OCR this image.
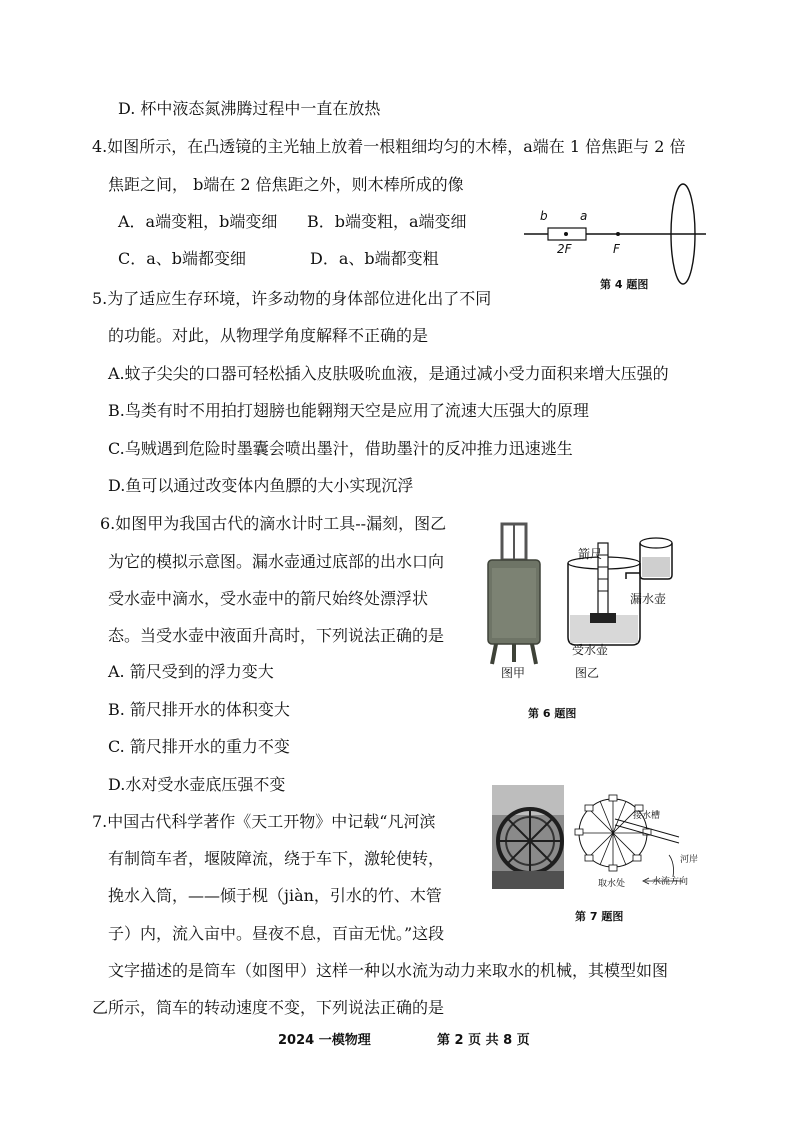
D. 杯中液态氮沸腾过程中一直在放热
4.如图所示，在凸透镜的主光轴上放着一根粗细均匀的木棒，a端在 1 倍焦距与 2 倍
焦距之间， b端在 2 倍焦距之外，则木棒所成的像
A．a端变粗，b端变细 B．b端变粗，a端变细
C．a、b端都变细	D．a、b端都变粗
b	a
2F	F
第 4 题图
5.为了适应生存环境，许多动物的身体部位进化出了不同
的功能。对此，从物理学角度解释不正确的是
A.蚊子尖尖的口器可轻松插入皮肤吸吮血液，是通过减小受力面积来增大压强的
B.鸟类有时不用拍打翅膀也能翱翔天空是应用了流速大压强大的原理
C.乌贼遇到危险时墨囊会喷出墨汁，借助墨汁的反冲推力迅速逃生
D.鱼可以通过改变体内鱼膘的大小实现沉浮
6.如图甲为我国古代的滴水计时工具--漏刻，图乙
为它的模拟示意图。漏水壶通过底部的出水口向
受水壶中滴水，受水壶中的箭尺始终处漂浮状
态。当受水壶中液面升高时，下列说法正确的是
A. 箭尺受到的浮力变大
B. 箭尺排开水的体积变大
C. 箭尺排开水的重力不变
D.水对受水壶底压强不变
箭尺
漏水壶
受水壶
图甲	图乙
第 6 题图
7.中国古代科学著作《天工开物》中记载“凡河滨
有制筒车者，堰陂障流，绕于车下，激轮使转，
挽水入筒，——倾于枧（jiàn，引水的竹、木管
子）内，流入亩中。昼夜不息，百亩无忧。”这段
文字描述的是筒车（如图甲）这样一种以水流为动力来取水的机械，其模型如图
乙所示，筒车的转动速度不变，下列说法正确的是
接水槽
水流方向
取水处
河岸
第 7 题图
2024 一模物理	第 2 页 共 8 页
